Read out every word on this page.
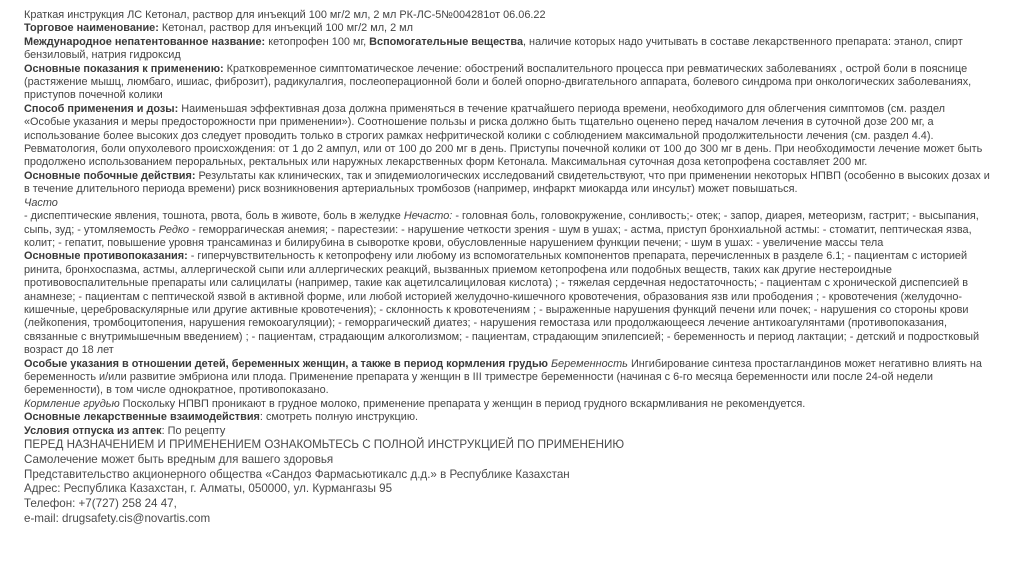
Краткая инструкция ЛС Кетонал, раствор для инъекций 100 мг/2 мл, 2 мл РК-ЛС-5№004281от 06.06.22

Торговое наименование: Кетонал, раствор для инъекций 100 мг/2 мл, 2 мл

Международное непатентованное название: кетопрофен 100 мг, Вспомогательные вещества, наличие которых надо учитывать в составе лекарственного препарата: этанол, спирт бензиловый, натрия гидроксид

Основные показания к применению: Кратковременное симптоматическое лечение: обострений воспалительного процесса при ревматических заболеваниях , острой боли в пояснице (растяжение мышц, люмбаго, ишиас, фиброзит), радикулалгия, послеоперационной боли и болей опорно-двигательного аппарата, болевого синдрома при онкологических заболеваниях, приступов почечной колики

Способ применения и дозы: Наименьшая эффективная доза должна применяться в течение кратчайшего периода времени, необходимого для облегчения симптомов (см. раздел «Особые указания и меры предосторожности при применении»). Соотношение пользы и риска должно быть тщательно оценено перед началом лечения в суточной дозе 200 мг, а использование более высоких доз следует проводить только в строгих рамках нефритической колики с соблюдением максимальной продолжительности лечения (см. раздел 4.4). Ревматология, боли опухолевого происхождения: от 1 до 2 ампул, или от 100 до 200 мг в день. Приступы почечной колики от 100 до 300 мг в день. При необходимости лечение может быть продолжено использованием пероральных, ректальных или наружных лекарственных форм Кетонала. Максимальная суточная доза кетопрофена составляет 200 мг.

Основные побочные действия: Результаты как клинических, так и эпидемиологических исследований свидетельствуют, что при применении некоторых НПВП (особенно в высоких дозах и в течение длительного периода времени) риск возникновения артериальных тромбозов (например, инфаркт миокарда или инсульт) может повышаться.

Часто

- диспептические явления, тошнота, рвота, боль в животе, боль в желудке Нечасто: - головная боль, головокружение, сонливость;- отек; - запор, диарея, метеоризм, гастрит; - высыпания, сыпь, зуд; - утомляемость Редко - геморрагическая анемия; - парестезии: - нарушение четкости зрения - шум в ушах; - астма, приступ бронхиальной астмы: - стоматит, пептическая язва, колит; - гепатит, повышение уровня трансаминаз и билирубина в сыворотке крови, обусловленные нарушением функции печени; - шум в ушах: - увеличение массы тела

Основные противопоказания: - гиперчувствительность к кетопрофену или любому из вспомогательных компонентов препарата, перечисленных в разделе 6.1; - пациентам с историей ринита, бронхоспазма, астмы, аллергической сыпи или аллергических реакций, вызванных приемом кетопрофена или подобных веществ, таких как другие нестероидные противовоспалительные препараты или салицилаты (например, такие как ацетилсалициловая кислота) ; - тяжелая сердечная недостаточность; - пациентам с хронической диспепсией в анамнезе; - пациентам с пептической язвой в активной форме, или любой историей желудочно-кишечного кровотечения, образования язв или прободения ; - кровотечения (желудочно-кишечные, цереброваскулярные или другие активные кровотечения); - склонность к кровотечениям ; - выраженные нарушения функций печени или почек; - нарушения со стороны крови (лейкопения, тромбоцитопения, нарушения гемокоагуляции); - геморрагический диатез; - нарушения гемостаза или продолжающееся лечение антикоагулянтами (противопоказания, связанные с внутримышечным введением) ; - пациентам, страдающим алкоголизмом; - пациентам, страдающим эпилепсией; - беременность и период лактации; - детский и подростковый возраст до 18 лет

Особые указания в отношении детей, беременных женщин, а также в период кормления грудью Беременность Ингибирование синтеза простагландинов может негативно влиять на беременность и/или развитие эмбриона или плода. Применение препарата у женщин в III триместре беременности (начиная с 6-го месяца беременности или после 24-ой недели беременности), в том числе однократное, противопоказано.

Кормление грудью Поскольку НПВП проникают в грудное молоко, применение препарата у женщин в период грудного вскармливания не рекомендуется.

Основные лекарственные взаимодействия: смотреть полную инструкцию.

Условия отпуска из аптек: По рецепту

ПЕРЕД НАЗНАЧЕНИЕМ И ПРИМЕНЕНИЕМ ОЗНАКОМЬТЕСЬ С ПОЛНОЙ ИНСТРУКЦИЕЙ ПО ПРИМЕНЕНИЮ

Самолечение может быть вредным для вашего здоровья

Представительство акционерного общества «Сандоз Фармасьютикалс д.д.» в Республике Казахстан

Адрес: Республика Казахстан, г. Алматы, 050000, ул. Курмангазы 95

Телефон: +7(727) 258 24 47,

e-mail: drugsafety.cis@novartis.com
